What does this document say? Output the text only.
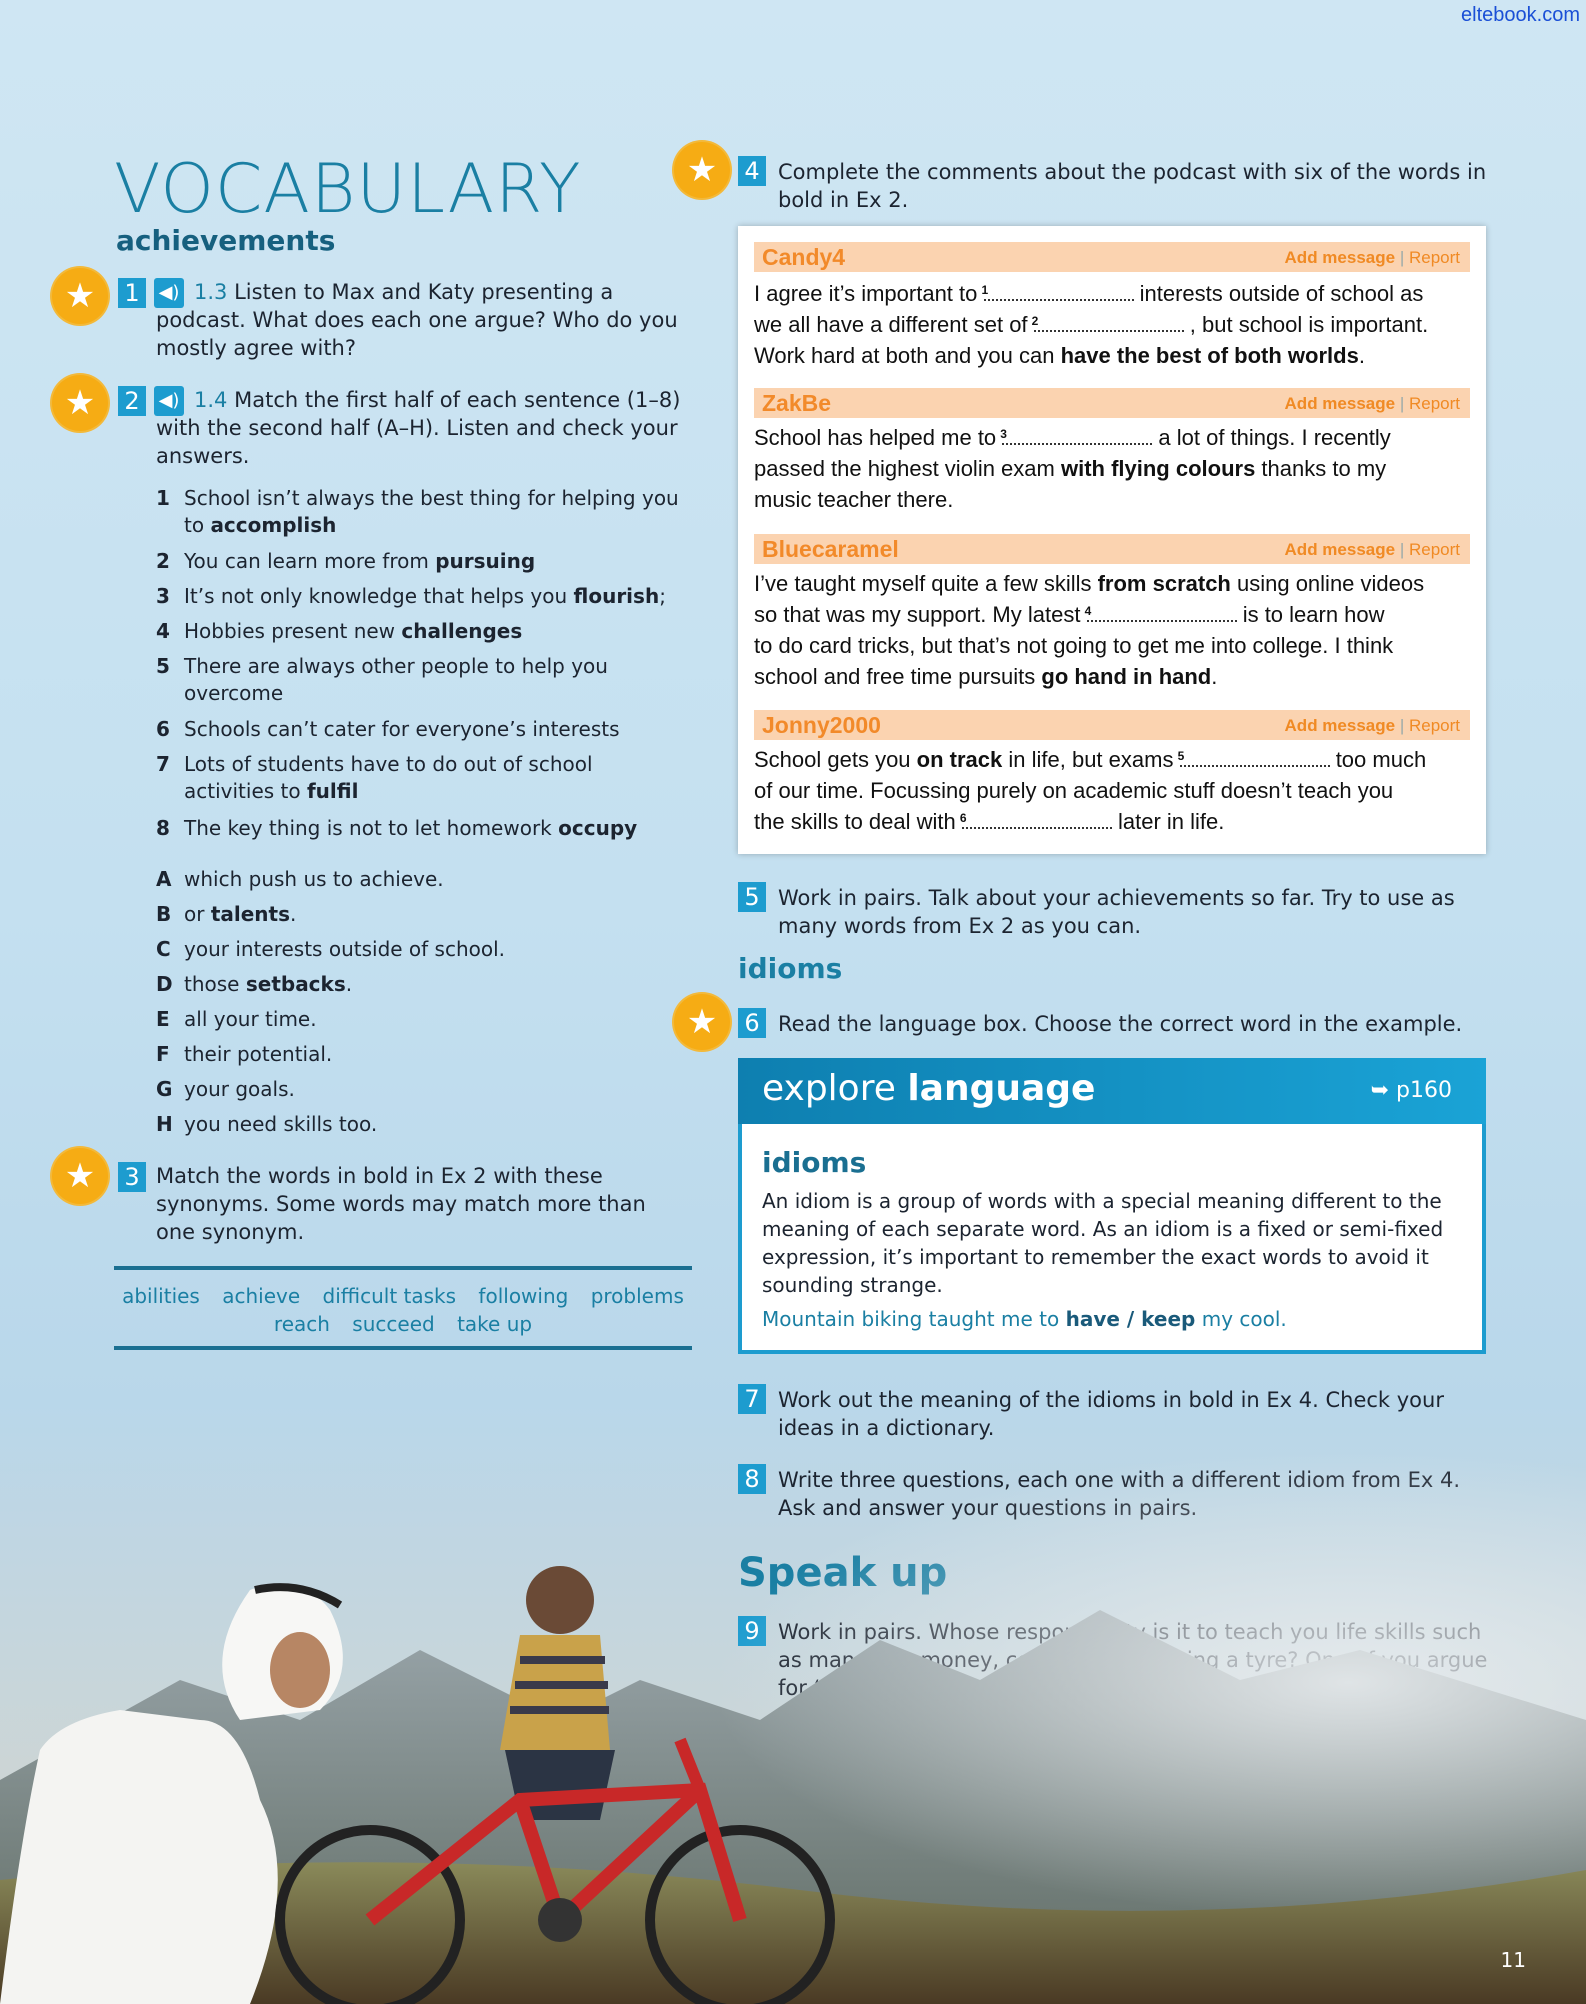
eltebook.com
VOCABULARY
achievements
★	1	◀) 1.3 Listen to Max and Katy presenting a podcast. What does each one argue? Who do you mostly agree with?
★	2	◀) 1.4 Match the first half of each sentence (1–8) with the second half (A–H). Listen and check your answers.
1 School isn’t always the best thing for helping you to accomplish
2 You can learn more from pursuing
3 It’s not only knowledge that helps you flourish;
4 Hobbies present new challenges
5 There are always other people to help you overcome
6 Schools can’t cater for everyone’s interests
7 Lots of students have to do out of school activities to fulfil
8 The key thing is not to let homework occupy
A which push us to achieve.
B or talents.
C your interests outside of school.
D those setbacks.
E all your time.
F their potential.
G your goals.
H you need skills too.
★	3 Match the words in bold in Ex 2 with these synonyms. Some words may match more than one synonym.
abilities achieve difficult tasks following problems
reach succeed take up
★	4 Complete the comments about the podcast with six of the words in bold in Ex 2.
Candy4	Add message | Report
I agree it’s important to
1	interests outside of school as
we all have a different set of
2	, but school is important.
Work hard at both and you can have the best of both worlds.
ZakBe	Add message | Report
School has helped me to
3	a lot of things. I recently
passed the highest violin exam with flying colours thanks to my
music teacher there.
Bluecaramel	Add message | Report
I’ve taught myself quite a few skills from scratch using online videos
so that was my support. My latest
4	is to learn how
to do card tricks, but that’s not going to get me into college. I think
school and free time pursuits go hand in hand.
Jonny2000	Add message | Report
School gets you on track in life, but exams
5	too much
of our time. Focussing purely on academic stuff doesn’t teach you
the skills to deal with
6	later in life.
5 Work in pairs. Talk about your achievements so far. Try to use as many words from Ex 2 as you can.
idioms
★	6 Read the language box. Choose the correct word in the example.
explore language	➥ p160
idioms
An idiom is a group of words with a special meaning different to the meaning of each separate word. As an idiom is a fixed or semi-fixed expression, it’s important to remember the exact words to avoid it sounding strange.
Mountain biking taught me to have / keep my cool.
7 Work out the meaning of the idioms in bold in Ex 4. Check your
11
